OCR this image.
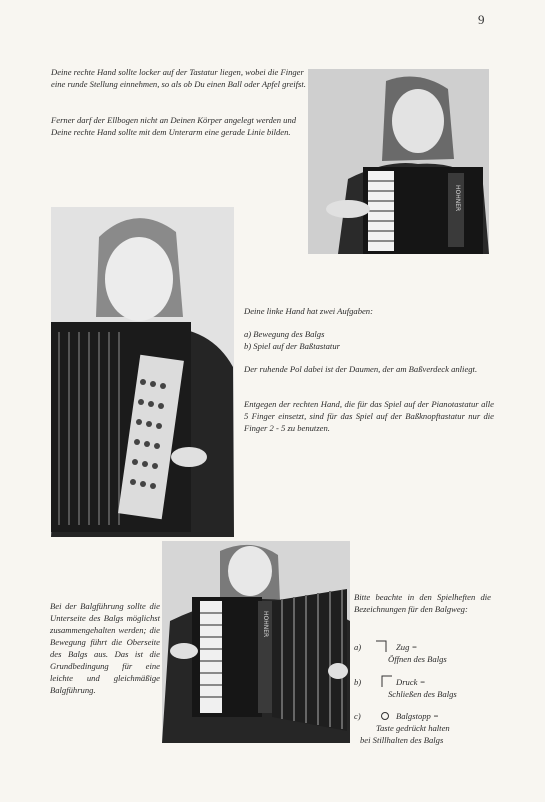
9

Deine rechte Hand sollte locker auf der Tastatur liegen, wobei die Finger eine runde Stellung einnehmen, so als ob Du einen Ball oder Apfel greifst.

Ferner darf der Ellbogen nicht an Deinen Körper angelegt werden und Deine rechte Hand sollte mit dem Unterarm eine gerade Linie bilden.

HOHNER

Deine linke Hand hat zwei Aufgaben:

a) Bewegung des Balgs

b) Spiel auf der Baßtastatur

Der ruhende Pol dabei ist der Daumen, der am Baßverdeck anliegt.

Entgegen der rechten Hand, die für das Spiel auf der Pianotastatur alle 5 Finger einsetzt, sind für das Spiel auf der Baßknopftastatur nur die Finger 2 - 5 zu benutzen.

HOHNER

Bei der Balgführung sollte die Unterseite des Balgs möglichst zusammengehalten werden; die Bewegung führt die Oberseite des Balgs aus. Das ist die Grundbedingung für eine leichte und gleichmäßige Balgführung.

Bitte beachte in den Spielheften die Bezeichnungen für den Balgweg:

a)	Zug =
Öffnen des Balgs
b)	Druck =
Schließen des Balgs
c)	Balgstopp =
Taste gedrückt halten
bei Stillhalten des Balgs
